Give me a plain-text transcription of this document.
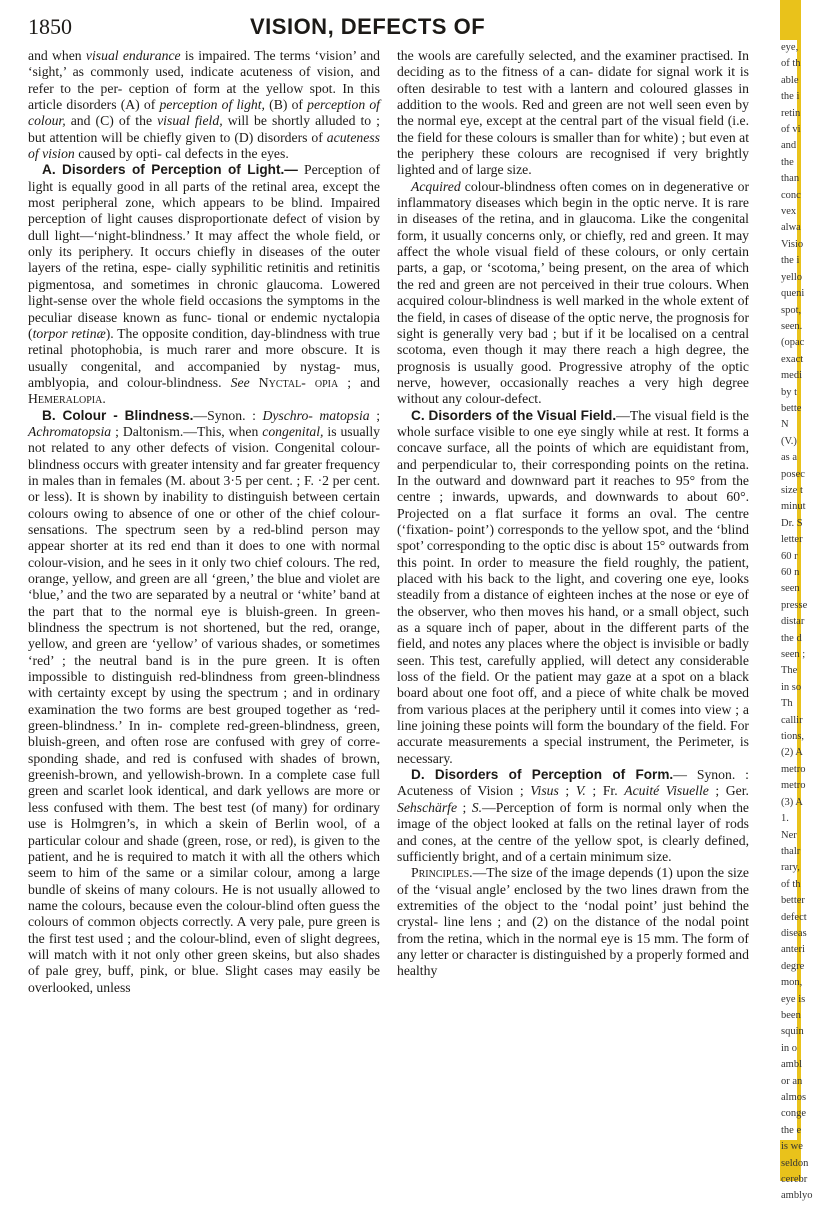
1850	VISION, DEFECTS OF

and when visual endurance is impaired. The terms ‘vision’ and ‘sight,’ as commonly used, indicate acuteness of vision, and refer to the per- ception of form at the yellow spot. In this article disorders (A) of perception of light, (B) of perception of colour, and (C) of the visual field, will be shortly alluded to ; but attention will be chiefly given to (D) disorders of acuteness of vision caused by opti- cal defects in the eyes.

A. Disorders of Perception of Light.— Perception of light is equally good in all parts of the retinal area, except the most peripheral zone, which appears to be blind. Impaired perception of light causes disproportionate defect of vision by dull light—‘night-blindness.’ It may affect the whole field, or only its periphery. It occurs chiefly in diseases of the outer layers of the retina, espe- cially syphilitic retinitis and retinitis pigmentosa, and sometimes in chronic glaucoma. Lowered light-sense over the whole field occasions the symptoms in the peculiar disease known as func- tional or endemic nyctalopia (torpor retinæ). The opposite condition, day-blindness with true retinal photophobia, is much rarer and more obscure. It is usually congenital, and accompanied by nystag- mus, amblyopia, and colour-blindness. See Nyctal- opia ; and Hemeralopia.

B. Colour - Blindness.—Synon. : Dyschro- matopsia ; Achromatopsia ; Daltonism.—This, when congenital, is usually not related to any other defects of vision. Congenital colour-blindness occurs with greater intensity and far greater frequency in males than in females (M. about 3·5 per cent. ; F. ·2 per cent. or less). It is shown by inability to distinguish between certain colours owing to absence of one or other of the chief colour-sensations. The spectrum seen by a red-blind person may appear shorter at its red end than it does to one with normal colour-vision, and he sees in it only two chief colours. The red, orange, yellow, and green are all ‘green,’ the blue and violet are ‘blue,’ and the two are separated by a neutral or ‘white’ band at the part that to the normal eye is bluish-green. In green-blindness the spectrum is not shortened, but the red, orange, yellow, and green are ‘yellow’ of various shades, or sometimes ‘red’ ; the neutral band is in the pure green. It is often impossible to distinguish red-blindness from green-blindness with certainty except by using the spectrum ; and in ordinary examination the two forms are best grouped together as ‘red-green-blindness.’ In in- complete red-green-blindness, green, bluish-green, and often rose are confused with grey of corre- sponding shade, and red is confused with shades of brown, greenish-brown, and yellowish-brown. In a complete case full green and scarlet look identical, and dark yellows are more or less confused with them. The best test (of many) for ordinary use is Holmgren’s, in which a skein of Berlin wool, of a particular colour and shade (green, rose, or red), is given to the patient, and he is required to match it with all the others which seem to him of the same or a similar colour, among a large bundle of skeins of many colours. He is not usually allowed to name the colours, because even the colour-blind often guess the colours of common objects correctly. A very pale, pure green is the first test used ; and the colour-blind, even of slight degrees, will match with it not only other green skeins, but also shades of pale grey, buff, pink, or blue. Slight cases may easily be overlooked, unless

the wools are carefully selected, and the examiner practised. In deciding as to the fitness of a can- didate for signal work it is often desirable to test with a lantern and coloured glasses in addition to the wools. Red and green are not well seen even by the normal eye, except at the central part of the visual field (i.e. the field for these colours is smaller than for white) ; but even at the periphery these colours are recognised if very brightly lighted and of large size.

Acquired colour-blindness often comes on in degenerative or inflammatory diseases which begin in the optic nerve. It is rare in diseases of the retina, and in glaucoma. Like the congenital form, it usually concerns only, or chiefly, red and green. It may affect the whole visual field of these colours, or only certain parts, a gap, or ‘scotoma,’ being present, on the area of which the red and green are not perceived in their true colours. When acquired colour-blindness is well marked in the whole extent of the field, in cases of disease of the optic nerve, the prognosis for sight is generally very bad ; but if it be localised on a central scotoma, even though it may there reach a high degree, the prognosis is usually good. Progressive atrophy of the optic nerve, however, occasionally reaches a very high degree without any colour-defect.

C. Disorders of the Visual Field.—The visual field is the whole surface visible to one eye singly while at rest. It forms a concave surface, all the points of which are equidistant from, and perpendicular to, their corresponding points on the retina. In the outward and downward part it reaches to 95° from the centre ; inwards, upwards, and downwards to about 60°. Projected on a flat surface it forms an oval. The centre (‘fixation- point’) corresponds to the yellow spot, and the ‘blind spot’ corresponding to the optic disc is about 15° outwards from this point. In order to measure the field roughly, the patient, placed with his back to the light, and covering one eye, looks steadily from a distance of eighteen inches at the nose or eye of the observer, who then moves his hand, or a small object, such as a square inch of paper, about in the different parts of the field, and notes any places where the object is invisible or badly seen. This test, carefully applied, will detect any considerable loss of the field. Or the patient may gaze at a spot on a black board about one foot off, and a piece of white chalk be moved from various places at the periphery until it comes into view ; a line joining these points will form the boundary of the field. For accurate measurements a special instrument, the Perimeter, is necessary.

D. Disorders of Perception of Form.— Synon. : Acuteness of Vision ; Visus ; V. ; Fr. Acuité Visuelle ; Ger. Sehschärfe ; S.—Perception of form is normal only when the image of the object looked at falls on the retinal layer of rods and cones, at the centre of the yellow spot, is clearly defined, sufficiently bright, and of a certain minimum size.

Principles.—The size of the image depends (1) upon the size of the ‘visual angle’ enclosed by the two lines drawn from the extremities of the object to the ‘nodal point’ just behind the crystal- line lens ; and (2) on the distance of the nodal point from the retina, which in the normal eye is 15 mm. The form of any letter or character is distinguished by a properly formed and healthy

eye,
of th
able
the i
retin
of vi
and
the
than
conc
vex
alwa
Visio
the i
yello
queni
spot,
seen.
(opac
exact
medi
by t
bette
N
(V.)
as a
posec
size t
minut
Dr. S
letter
60 r
60 n
seen
presse
distar
the d
seen ;
The
in so
Th
callir
tions,
(2) A
metro
metro
(3) A
1.
Ner
thalr
rary,
of th
better
defect
diseas
anteri
degre
mon,
eye is
been
squin
in o
ambl
or an
almos
conge
the e
is we
seldon
cerebr
amblyo
